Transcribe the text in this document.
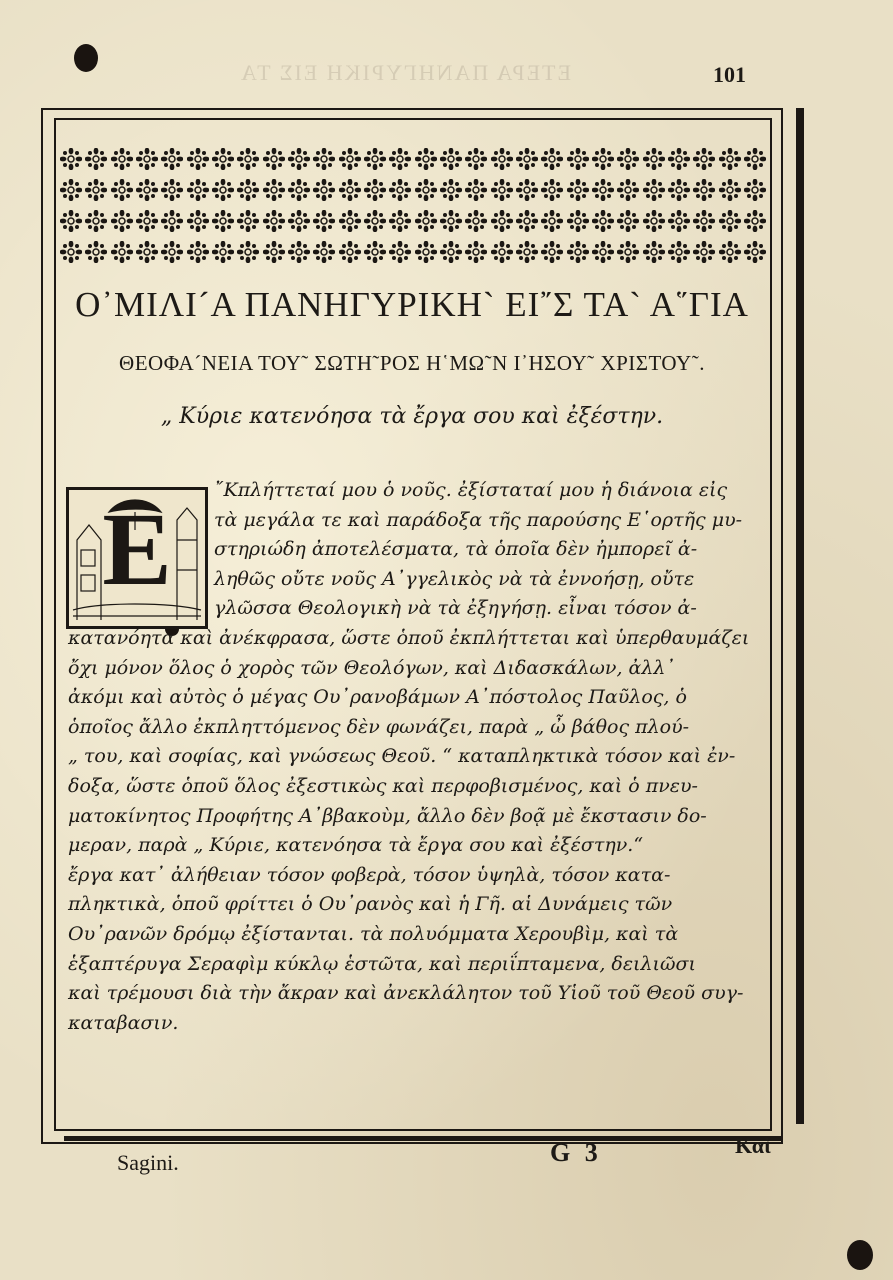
ΕΤΕΡΑ ΠΑΝΗΓΥΡΙΚΗ ΕΙΣ ΤΑ	101
Ο᾿ΜΙΛΙ´Α ΠΑΝΗΓΥΡΙΚΗ` ΕΙ῎Σ ΤΑ` Α῞ΓΙΑ
ΘΕΟΦΑ´ΝΕΙΑ ΤΟΥ῀ ΣΩΤΗ῀ΡΟΣ Η῾ΜΩ῀Ν Ι᾿ΗΣΟΥ῀ ΧΡΙΣΤΟΥ῀.
„ Κύριε κατενόησα τὰ ἔργα σου καὶ ἐξέστην.
E
῎Κπλήττεταί μου ὁ νοῦς. ἐξίσταταί μου ἡ διάνοια εἰς
τὰ μεγάλα τε καὶ παράδοξα τῆς παρούσης Ε῾ορτῆς μυ-
στηριώδη ἀποτελέσματα, τὰ ὁποῖα δὲν ἠμπορεῖ ἀ-
ληθῶς οὔτε νοῦς Α᾿γγελικὸς νὰ τὰ ἐννοήσῃ, οὔτε
γλῶσσα Θεολογικὴ νὰ τὰ ἐξηγήσῃ. εἶναι τόσον ἀ-
κατανόητα καὶ ἀνέκφρασα, ὥστε ὁποῦ ἐκπλήττεται καὶ ὑπερθαυμάζει
ὄχι μόνον ὅλος ὁ χορὸς τῶν Θεολόγων, καὶ Διδασκάλων, ἀλλ᾿
ἀκόμι καὶ αὐτὸς ὁ μέγας Ου᾿ρανοβάμων Α᾿πόστολος Παῦλος, ὁ
ὁποῖος ἄλλο ἐκπληττόμενος δὲν φωνάζει, παρὰ „ ὦ βάθος πλού-
„ του, καὶ σοφίας, καὶ γνώσεως Θεοῦ. “ καταπληκτικὰ τόσον καὶ ἐν-
δοξα, ὥστε ὁποῦ ὅλος ἐξεστικὼς καὶ περφοβισμένος, καὶ ὁ πνευ-
ματοκίνητος Προφήτης Α᾿ββακοὺμ, ἄλλο δὲν βοᾷ μὲ ἔκστασιν δο-
μεραν, παρὰ „ Κύριε, κατενόησα τὰ ἔργα σου καὶ ἐξέστην.“
ἔργα κατ᾿ ἀλήθειαν τόσον φοβερὰ, τόσον ὑψηλὰ, τόσον κατα-
πληκτικὰ, ὁποῦ φρίττει ὁ Ου᾿ρανὸς καὶ ἡ Γῆ. αἱ Δυνάμεις τῶν
Ου᾿ρανῶν δρόμῳ ἐξίστανται. τὰ πολυόμματα Χερουβὶμ, καὶ τὰ
ἑξαπτέρυγα Σεραφὶμ κύκλῳ ἑστῶτα, καὶ περιΐπταμενα, δειλιῶσι
καὶ τρέμουσι διὰ τὴν ἄκραν καὶ ἀνεκλάλητον τοῦ Υἱοῦ τοῦ Θεοῦ συγ-
καταβασιν.
Sagini.	G 3	Καὶ
